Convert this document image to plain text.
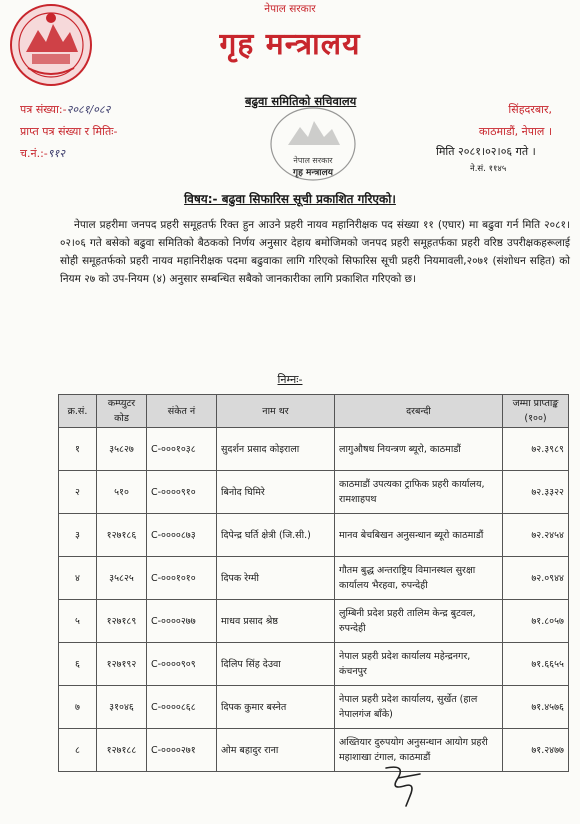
नेपाल सरकार
गृह मन्त्रालय
पत्र संख्या:-२०८१/०८२
प्राप्त पत्र संख्या र मितिः-
च.नं.:-९१२
बढुवा समितिको सचिवालय
नेपाल सरकार
गृह मन्त्रालय
सिंहदरबार,
काठमाडौं, नेपाल ।
मिति २०८१।०२।०६ गते ।
ने.सं. ११४५
विषय:- बढुवा सिफारिस सूची प्रकाशित गरिएको।
नेपाल प्रहरीमा जनपद प्रहरी समूहतर्फ रिक्त हुन आउने प्रहरी नायव महानिरीक्षक पद संख्या ११ (एघार) मा बढुवा गर्न मिति २०८१।०२।०६ गते बसेको बढुवा समितिको बैठकको निर्णय अनुसार देहाय बमोजिमको जनपद प्रहरी समूहतर्फका प्रहरी वरिष्ठ उपरीक्षकहरूलाई सोही समूहतर्फको प्रहरी नायव महानिरीक्षक पदमा बढुवाका लागि गरिएको सिफारिस सूची प्रहरी नियमावली,२०७१ (संशोधन सहित) को नियम २७ को उप-नियम (४) अनुसार सम्बन्धित सबैको जानकारीका लागि प्रकाशित गरिएको छ।
निम्नः-
क्र.सं.	कम्प्युटर कोड	संकेत नं	नाम थर	दरबन्दी	जम्मा प्राप्ताङ्क (१००)
१	३५८२७	C-०००१०३८	सुदर्शन प्रसाद कोइराला	लागुऔषध नियन्त्रण ब्यूरो, काठमाडौं	७२.३९८९
२	५१०	C-००००९१०	बिनोद घिमिरे	काठमाडौं उपत्यका ट्राफिक प्रहरी कार्यालय, रामशाहपथ	७२.३३२२
३	१२७१८६	C-००००८७३	दिपेन्द्र घर्ति क्षेत्री (जि.सी.)	मानव बेचबिखन अनुसन्धान ब्यूरो काठमाडौं	७२.२४५४
४	३५८२५	C-०००१०१०	दिपक रेग्मी	गौतम बुद्ध अन्तराष्ट्रिय विमानस्थल सुरक्षा कार्यालय भैरहवा, रुपन्देही	७२.०९४४
५	१२७१८९	C-००००२७७	माधव प्रसाद श्रेष्ठ	लुम्बिनी प्रदेश प्रहरी तालिम केन्द्र बुटवल, रुपन्देही	७१.८०५७
६	१२७१९२	C-००००९०९	दिलिप सिंह देउवा	नेपाल प्रहरी प्रदेश कार्यालय महेन्द्रनगर, कंचनपुर	७१.६६५५
७	३१०४६	C-००००८६८	दिपक कुमार बस्नेत	नेपाल प्रहरी प्रदेश कार्यालय, सुर्खेत (हाल नेपालगंज बाँके)	७१.४५७६
८	१२७१८८	C-००००२७१	ओम बहादुर राना	अख्तियार दुरुपयोग अनुसन्धान आयोग प्रहरी महाशाखा टंगाल, काठमाडौं	७१.२४७७
